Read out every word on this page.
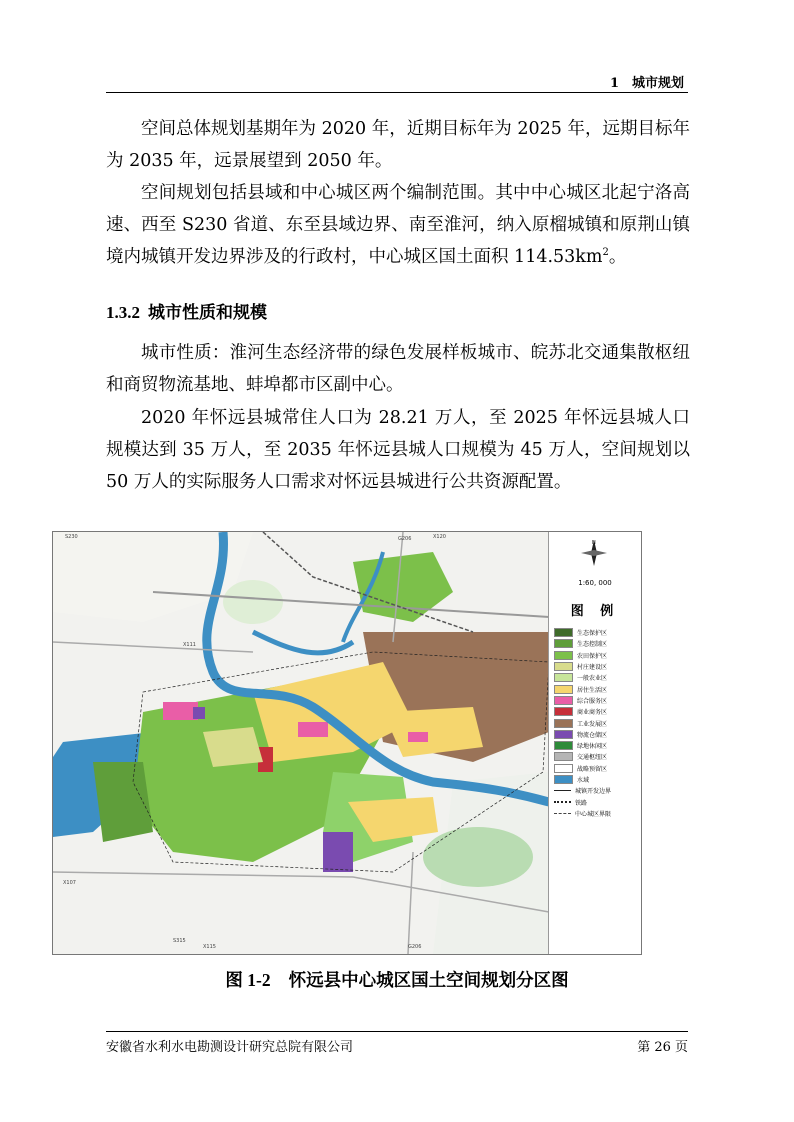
1　城市规划
空间总体规划基期年为 2020 年，近期目标年为 2025 年，远期目标年为 2035 年，远景展望到 2050 年。
空间规划包括县域和中心城区两个编制范围。其中中心城区北起宁洛高速、西至 S230 省道、东至县域边界、南至淮河，纳入原榴城镇和原荆山镇境内城镇开发边界涉及的行政村，中心城区国土面积 $114.53km^2$。
1.3.2 城市性质和规模
城市性质：淮河生态经济带的绿色发展样板城市、皖苏北交通集散枢纽和商贸物流基地、蚌埠都市区副中心。
2020 年怀远县城常住人口为 28.21 万人，至 2025 年怀远县城人口规模达到 35 万人，至 2035 年怀远县城人口规模为 45 万人，空间规划以 50 万人的实际服务人口需求对怀远县城进行公共资源配置。
S230	X120
G206
X111
X107
S315
X115	G206
N
1:60, 000
图 例
生态保护区
生态控制区
农田保护区
村庄建设区
一般农业区
居住生活区
综合服务区
商业商务区
工业发展区
物流仓储区
绿地休闲区
交通枢纽区
战略预留区
水域
城镇开发边界
铁路
中心城区界限
图 1-2 怀远县中心城区国土空间规划分区图
安徽省水利水电勘测设计研究总院有限公司	第 26 页
